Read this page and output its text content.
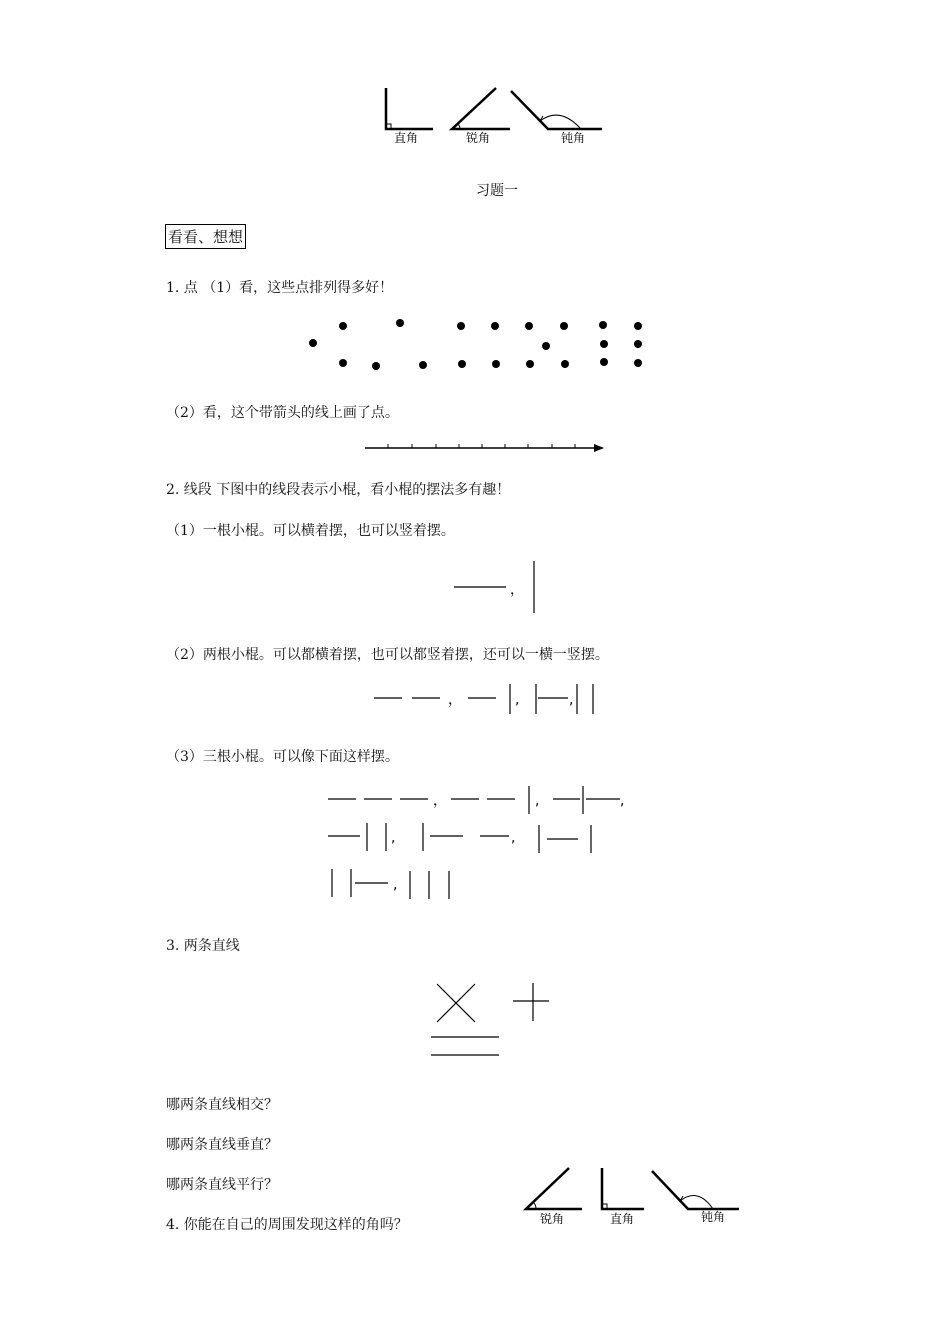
直角	锐角	钝角
习题一
看看、想想
1. 点 （1）看，这些点排列得多好！
（2）看，这个带箭头的线上画了点。
2. 线段 下图中的线段表示小棍，看小棍的摆法多有趣！
（1）一根小棍。可以横着摆，也可以竖着摆。
，
（2）两根小棍。可以都横着摆，也可以都竖着摆，还可以一横一竖摆。
，	,	,
（3）三根小棍。可以像下面这样摆。
，	,	,
,	,
,
3. 两条直线
哪两条直线相交？
哪两条直线垂直？
哪两条直线平行？
4. 你能在自己的周围发现这样的角吗？	锐角	直角	钝角
